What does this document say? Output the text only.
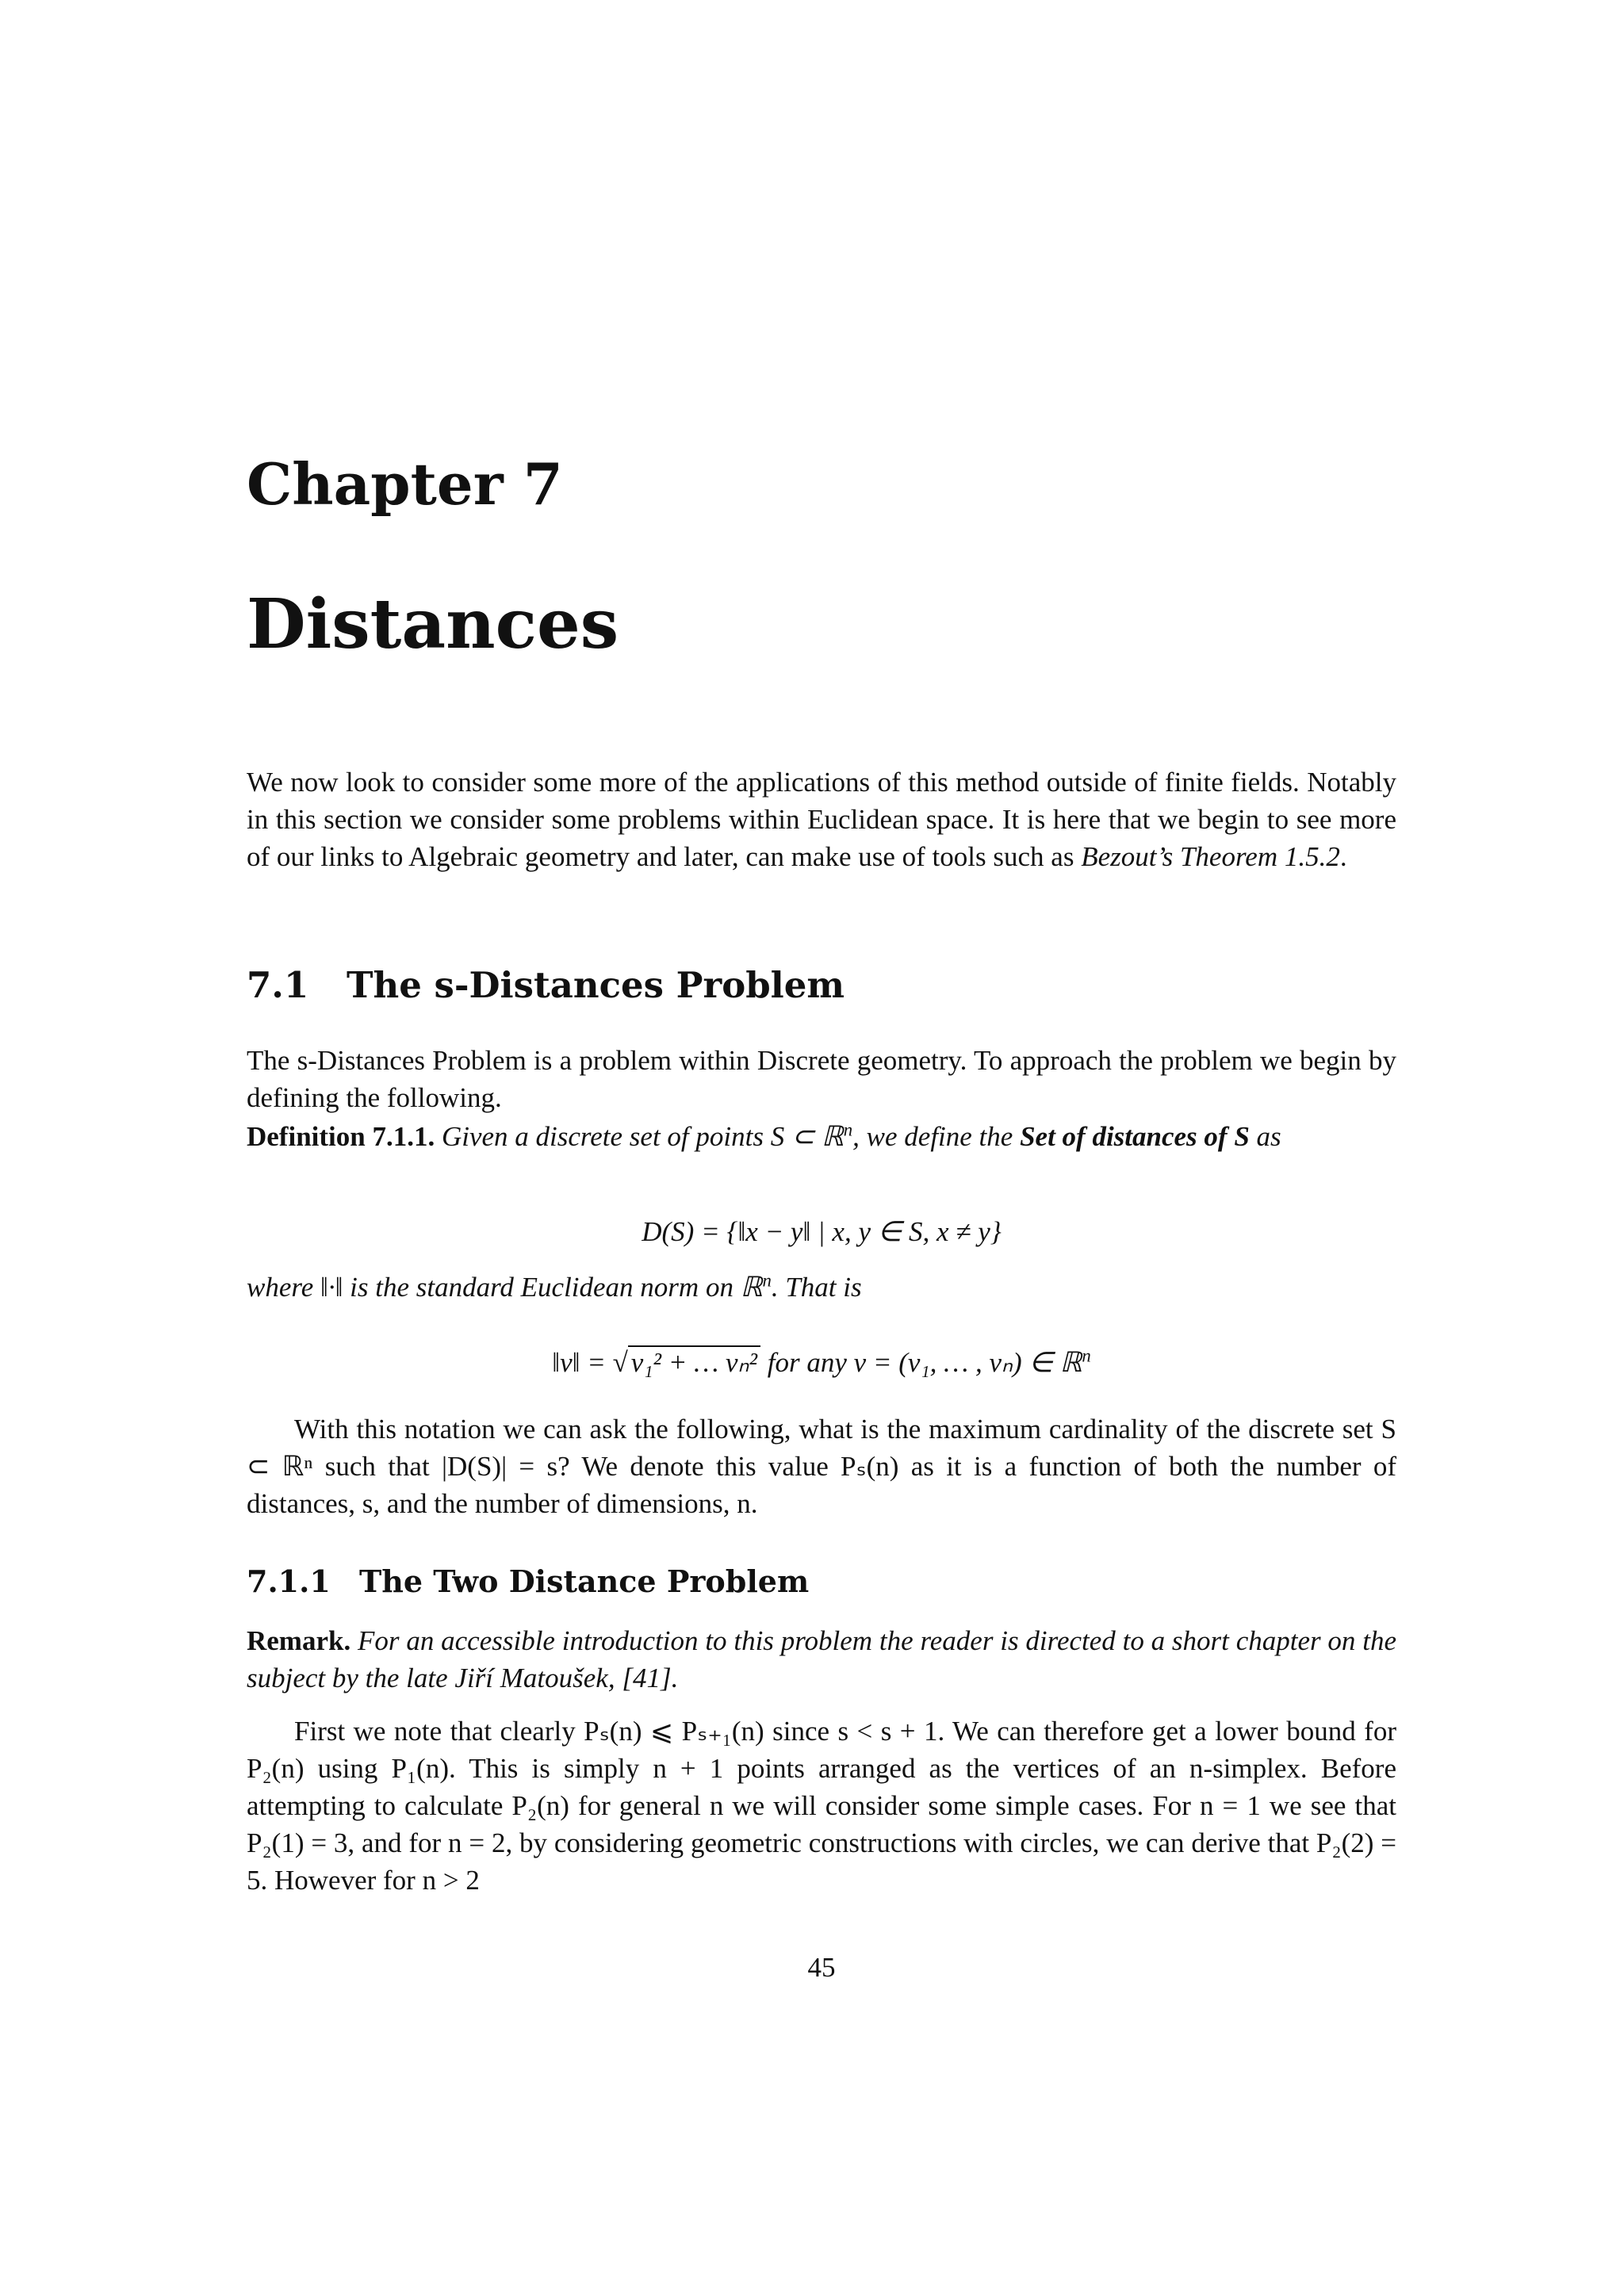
Chapter 7
Distances
We now look to consider some more of the applications of this method outside of finite fields. Notably in this section we consider some problems within Euclidean space. It is here that we begin to see more of our links to Algebraic geometry and later, can make use of tools such as Bezout’s Theorem 1.5.2.
7.1 The s-Distances Problem
The s-Distances Problem is a problem within Discrete geometry. To approach the problem we begin by defining the following.
Definition 7.1.1. Given a discrete set of points S ⊂ ℝ$^n$, we define the Set of distances of S as
D(S) = {‖x − y‖ | x, y ∈ S, x ≠ y}
where ‖·‖ is the standard Euclidean norm on ℝ$^n$. That is
‖v‖ = √ v₁² + … vₙ² for any v = (v₁, … , vₙ) ∈ ℝ$^n$
With this notation we can ask the following, what is the maximum cardinality of the discrete set S ⊂ ℝⁿ such that |D(S)| = s? We denote this value Pₛ(n) as it is a function of both the number of distances, s, and the number of dimensions, n.
7.1.1 The Two Distance Problem
Remark. For an accessible introduction to this problem the reader is directed to a short chapter on the subject by the late Jiří Matoušek, [41].
First we note that clearly Pₛ(n) ⩽ Pₛ₊₁(n) since s < s + 1. We can therefore get a lower bound for P₂(n) using P₁(n). This is simply n + 1 points arranged as the vertices of an n-simplex. Before attempting to calculate P₂(n) for general n we will consider some simple cases. For n = 1 we see that P₂(1) = 3, and for n = 2, by considering geometric constructions with circles, we can derive that P₂(2) = 5. However for n > 2
45
